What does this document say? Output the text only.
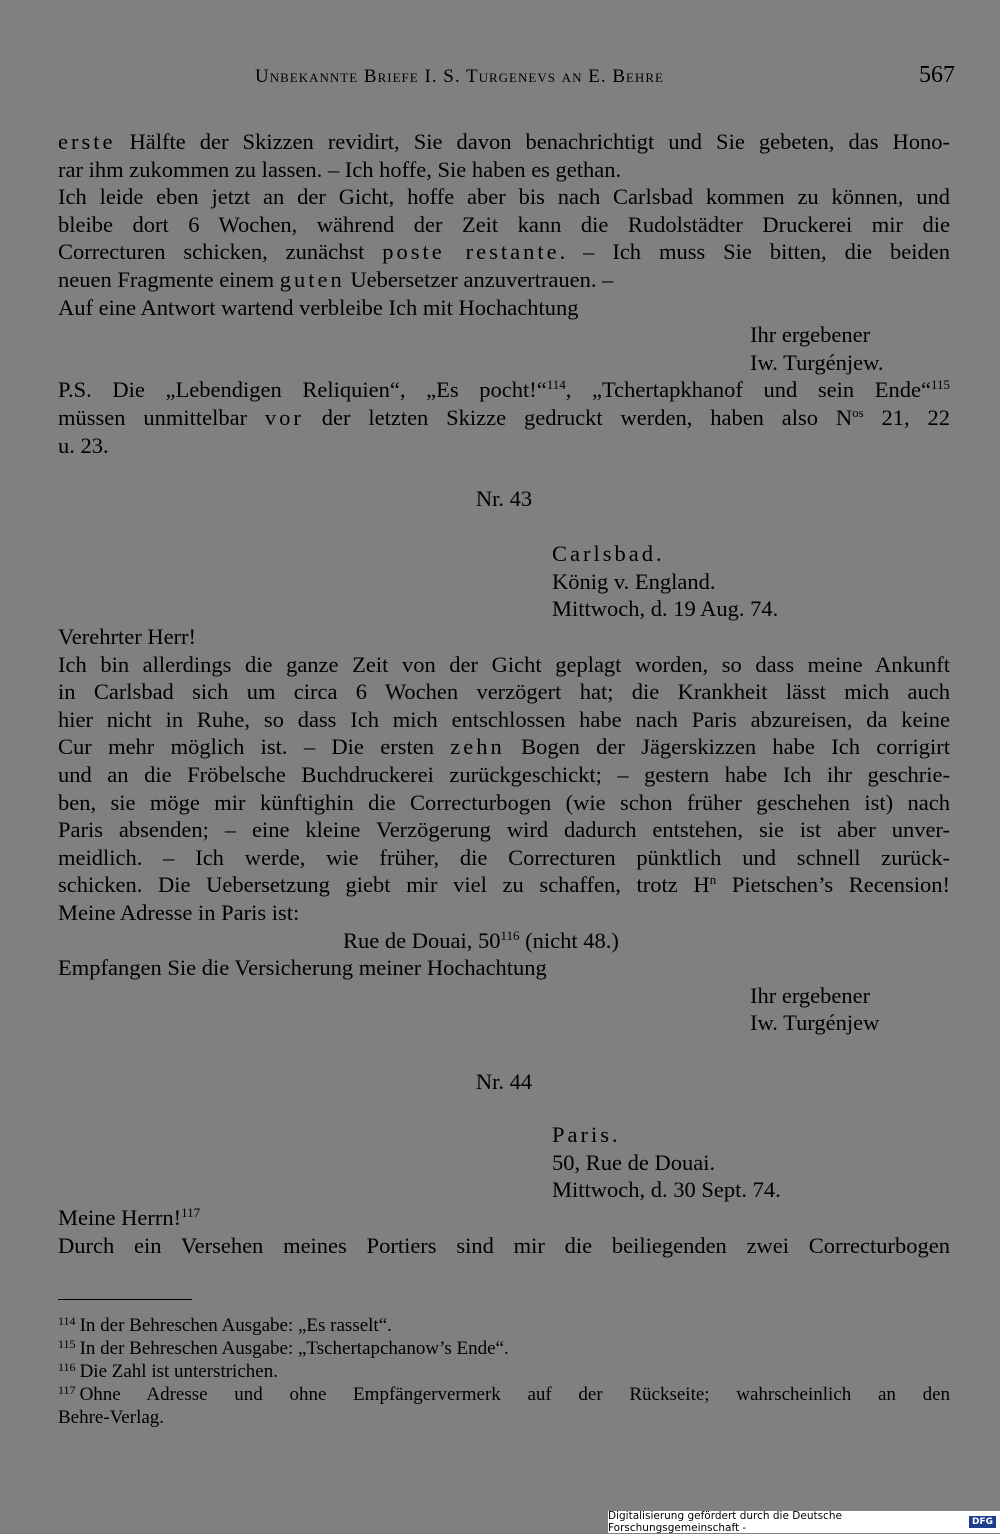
Unbekannte Briefe I. S. Turgenevs an E. Behre	567
erste Hälfte der Skizzen revidirt, Sie davon benachrichtigt und Sie gebeten, das Hono-
rar ihm zukommen zu lassen. – Ich hoffe, Sie haben es gethan.
Ich leide eben jetzt an der Gicht, hoffe aber bis nach Carlsbad kommen zu können, und
bleibe dort 6 Wochen, während der Zeit kann die Rudolstädter Druckerei mir die
Correcturen schicken, zunächst poste restante. – Ich muss Sie bitten, die beiden
neuen Fragmente einem guten Uebersetzer anzuvertrauen. –
Auf eine Antwort wartend verbleibe Ich mit Hochachtung
Ihr ergebener
Iw. Turgénjew.
P.S. Die „Lebendigen Reliquien“, „Es pocht!“$^{114}$, „Tchertapkhanof und sein Ende“$^{115}$
müssen unmittelbar vor der letzten Skizze gedruckt werden, haben also $N^{os}$ 21, 22
u. 23.
Nr. 43
Carlsbad.
König v. England.
Mittwoch, d. 19 Aug. 74.
Verehrter Herr!
Ich bin allerdings die ganze Zeit von der Gicht geplagt worden, so dass meine Ankunft
in Carlsbad sich um circa 6 Wochen verzögert hat; die Krankheit lässt mich auch
hier nicht in Ruhe, so dass Ich mich entschlossen habe nach Paris abzureisen, da keine
Cur mehr möglich ist. – Die ersten zehn Bogen der Jägerskizzen habe Ich corrigirt
und an die Fröbelsche Buchdruckerei zurückgeschickt; – gestern habe Ich ihr geschrie-
ben, sie möge mir künftighin die Correcturbogen (wie schon früher geschehen ist) nach
Paris absenden; – eine kleine Verzögerung wird dadurch entstehen, sie ist aber unver-
meidlich. – Ich werde, wie früher, die Correcturen pünktlich und schnell zurück-
schicken. Die Uebersetzung giebt mir viel zu schaffen, trotz $H^n$ Pietschen’s Recension!
Meine Adresse in Paris ist:
Rue de Douai, $50^{116}$ (nicht 48.)
Empfangen Sie die Versicherung meiner Hochachtung
Ihr ergebener
Iw. Turgénjew
Nr. 44
Paris.
50, Rue de Douai.
Mittwoch, d. 30 Sept. 74.
Meine Herrn!$^{117}$
Durch ein Versehen meines Portiers sind mir die beiliegenden zwei Correcturbogen
$^{114}$ In der Behreschen Ausgabe: „Es rasselt“.
$^{115}$ In der Behreschen Ausgabe: „Tschertapchanow’s Ende“.
$^{116}$ Die Zahl ist unterstrichen.
$^{117}$ Ohne Adresse und ohne Empfängervermerk auf der Rückseite; wahrscheinlich an den
Behre-Verlag.
Digitalisierung gefördert durch die Deutsche Forschungsgemeinschaft -	DFG
